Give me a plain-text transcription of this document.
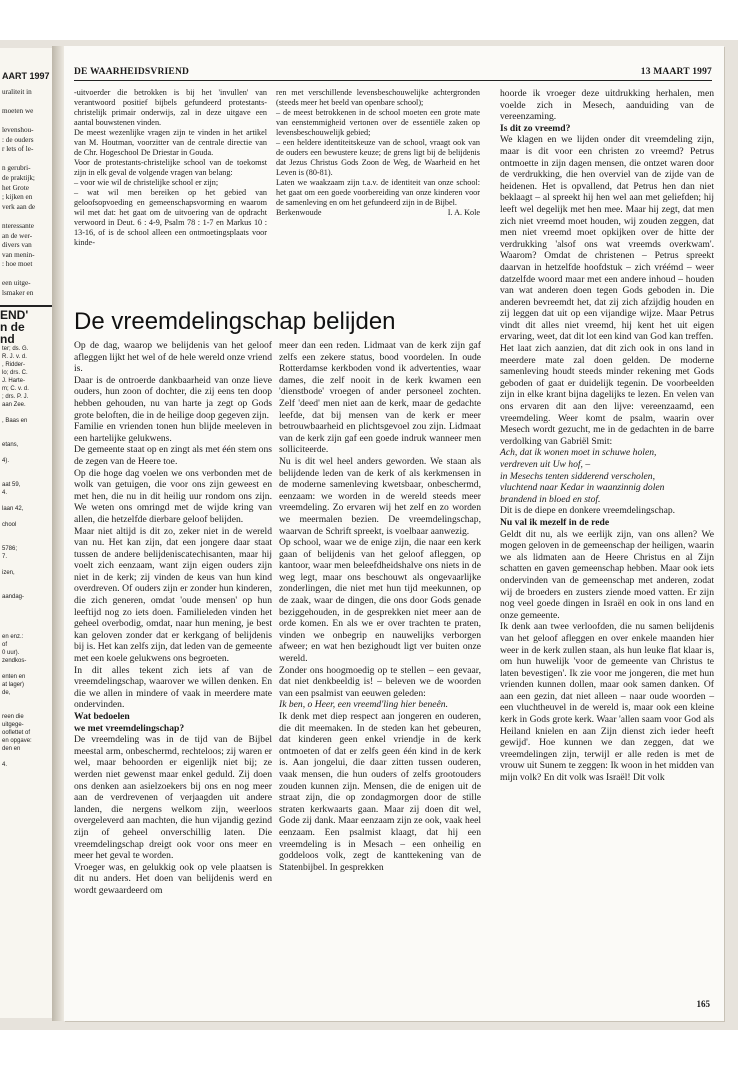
AART 1997
uraliteit in

moeten we

levenshou-
: de ouders
r lets of le-

n gerubri-
de praktijk;
het Grote
; kijken en
verk aan de

nteressante
an de wer-
divers van
van menin-
: hoe moet

een uitge-
lsmaker en
END'
n de
nd
ter; ds. G.
R. J. v. d.
, Ridder-
lo; drs. C.
J. Harte-
m; C. v. d.
; drs. P. J.
aan Zee.

, Baas en

etans,

4).

aat 59,
4.

laan 42,

chool

5786;
7.

izen,

aandag-

en enz.:
of
0 uur).
zendkos-

enten en
at lager)
de,

reen die
uitgege-
ooflettet of
en opgave:
den en

4.
DE WAARHEIDSVRIEND	13 MAART 1997

-uitvoerder die betrokken is bij het 'invullen' van verantwoord positief bijbels gefundeerd protestants-christelijk primair onderwijs, zal in deze uitgave een aantal bouwstenen vinden.

De meest wezenlijke vragen zijn te vinden in het artikel van M. Houtman, voorzitter van de centrale directie van de Chr. Hogeschool De Driestar in Gouda.

Voor de protestants-christelijke school van de toekomst zijn in elk geval de volgende vragen van belang:

– voor wie wil de christelijke school er zijn;

– wat wil men bereiken op het gebied van geloofsopvoeding en gemeenschapsvorming en waarom wil met dat: het gaat om de uitvoering van de opdracht verwoord in Deut. 6 : 4-9, Psalm 78 : 1-7 en Markus 10 : 13-16, of is de school alleen een ontmoetingsplaats voor kinde-

ren met verschillende levensbeschouwelijke achtergronden (steeds meer het beeld van openbare school);

– de meest betrokkenen in de school moeten een grote mate van eenstemmigheid vertonen over de essentiële zaken op levensbeschouwelijk gebied;

– een heldere identiteitskeuze van de school, vraagt ook van de ouders een bewustere keuze; de grens ligt bij de belijdenis dat Jezus Christus Gods Zoon de Weg, de Waarheid en het Leven is (80-81).

Laten we waakzaam zijn t.a.v. de identiteit van onze school: het gaat om een goede voorbereiding van onze kinderen voor de samenleving en om het gefundeerd zijn in de Bijbel.

Berkenwoude	I. A. Kole
De vreemdelingschap belijden

Op de dag, waarop we belijdenis van het geloof afleggen lijkt het wel of de hele wereld onze vriend is.

Daar is de ontroerde dankbaarheid van onze lieve ouders, hun zoon of dochter, die zij eens ten doop hebben gehouden, nu van harte ja zegt op Gods grote beloften, die in de heilige doop gegeven zijn.

Familie en vrienden tonen hun blijde meeleven in een hartelijke gelukwens.

De gemeente staat op en zingt als met één stem ons de zegen van de Heere toe.

Op die hoge dag voelen we ons verbonden met de wolk van getuigen, die voor ons zijn geweest en met hen, die nu in dit heilig uur rondom ons zijn. We weten ons omringd met de wijde kring van allen, die hetzelfde dierbare geloof belijden.

Maar niet altijd is dit zo, zeker niet in de wereld van nu. Het kan zijn, dat een jongere daar staat tussen de andere belijdeniscatechisanten, maar hij voelt zich eenzaam, want zijn eigen ouders zijn niet in de kerk; zij vinden de keus van hun kind overdreven. Of ouders zijn er zonder hun kinderen, die zich generen, omdat 'oude mensen' op hun leeftijd nog zo iets doen. Familieleden vinden het geheel overbodig, omdat, naar hun mening, je best kan geloven zonder dat er kerkgang of belijdenis bij is. Het kan zelfs zijn, dat leden van de gemeente met een koele gelukwens ons begroeten.

In dit alles tekent zich iets af van de vreemdelingschap, waarover we willen denken. En die we allen in mindere of vaak in meerdere mate ondervinden.

Wat bedoelen
we met vreemdelingschap?

De vreemdeling was in de tijd van de Bijbel meestal arm, onbeschermd, rechteloos; zij waren er wel, maar behoorden er eigenlijk niet bij; ze werden niet gewenst maar enkel geduld. Zij doen ons denken aan asielzoekers bij ons en nog meer aan de verdrevenen of verjaagden uit andere landen, die nergens welkom zijn, weerloos overgeleverd aan machten, die hun vijandig gezind zijn of geheel onverschillig laten. Die vreemdelingschap dreigt ook voor ons meer en meer het geval te worden.

Vroeger was, en gelukkig ook op vele plaatsen is dit nu anders. Het doen van belijdenis werd en wordt gewaardeerd om

meer dan een reden. Lidmaat van de kerk zijn gaf zelfs een zekere status, bood voordelen. In oude Rotterdamse kerkboden vond ik advertenties, waar dames, die zelf nooit in de kerk kwamen een 'dienstbode' vroegen of ander personeel zochten. Zelf 'deed' men niet aan de kerk, maar de gedachte leefde, dat bij mensen van de kerk er meer betrouwbaarheid en plichtsgevoel zou zijn. Lidmaat van de kerk zijn gaf een goede indruk wanneer men solliciteerde.

Nu is dit wel heel anders geworden. We staan als belijdende leden van de kerk of als kerkmensen in de moderne samenleving kwetsbaar, onbeschermd, eenzaam: we worden in de wereld steeds meer vreemdeling. Zo ervaren wij het zelf en zo worden we meermalen bezien. De vreemdelingschap, waarvan de Schrift spreekt, is voelbaar aanwezig.

Op school, waar we de enige zijn, die naar een kerk gaan of belijdenis van het geloof afleggen, op kantoor, waar men beleefdheidshalve ons niets in de weg legt, maar ons beschouwt als ongevaarlijke zonderlingen, die niet met hun tijd meekunnen, op de zaak, waar de dingen, die ons door Gods genade beziggehouden, in de gesprekken niet meer aan de orde komen. En als we er over trachten te praten, vinden we onbegrip en nauwelijks verborgen afweer; en wat hen bezighoudt ligt ver buiten onze wereld.

Zonder ons hoogmoedig op te stellen – een gevaar, dat niet denkbeeldig is! – beleven we de woorden van een psalmist van eeuwen geleden:

Ik ben, o Heer, een vreemd'ling hier beneên.

Ik denk met diep respect aan jongeren en ouderen, die dit meemaken. In de steden kan het gebeuren, dat kinderen geen enkel vriendje in de kerk ontmoeten of dat er zelfs geen één kind in de kerk is. Aan jongelui, die daar zitten tussen ouderen, vaak mensen, die hun ouders of zelfs grootouders zouden kunnen zijn. Mensen, die de enigen uit de straat zijn, die op zondagmorgen door de stille straten kerkwaarts gaan. Maar zij doen dit wel, Gode zij dank. Maar eenzaam zijn ze ook, vaak heel eenzaam. Een psalmist klaagt, dat hij een vreemdeling is in Mesach – een onheilig en goddeloos volk, zegt de kanttekening van de Statenbijbel. In gesprekken

hoorde ik vroeger deze uitdrukking herhalen, men voelde zich in Mesech, aanduiding van de vereenzaming.

Is dit zo vreemd?

We klagen en we lijden onder dit vreemdeling zijn, maar is dit voor een christen zo vreemd? Petrus ontmoette in zijn dagen mensen, die ontzet waren door de verdrukking, die hen overviel van de zijde van de heidenen. Het is opvallend, dat Petrus hen dan niet beklaagt – al spreekt hij hen wel aan met geliefden; hij leeft wel degelijk met hen mee. Maar hij zegt, dat men zich niet vreemd moet houden, wij zouden zeggen, dat men niet vreemd moet opkijken over de hitte der verdrukking 'alsof ons wat vreemds overkwam'. Waarom? Omdat de christenen – Petrus spreekt daarvan in hetzelfde hoofdstuk – zich vréémd – weer datzelfde woord maar met een andere inhoud – houden van wat anderen doen tegen Gods geboden in. Die anderen bevreemdt het, dat zij zich afzijdig houden en zij leggen dat uit op een vijandige wijze. Maar Petrus vindt dit alles niet vreemd, hij kent het uit eigen ervaring, weet, dat dit lot een kind van God kan treffen.

Het laat zich aanzien, dat dit zich ook in ons land in meerdere mate zal doen gelden. De moderne samenleving houdt steeds minder rekening met Gods geboden of gaat er duidelijk tegenin. De voorbeelden zijn in elke krant bijna dagelijks te lezen. En velen van ons ervaren dit aan den lijve: vereenzaamd, een vreemdeling. Weer komt de psalm, waarin over Mesech wordt gezucht, me in de gedachten in de barre verdolking van Gabriël Smit:

Ach, dat ik wonen moet in schuwe holen,
verdreven uit Uw hof, –
in Mesechs tenten sidderend verscholen,
vluchtend naar Kedar in waanzinnig dolen
brandend in bloed en stof.

Dit is de diepe en donkere vreemdelingschap.

Nu val ik mezelf in de rede

Geldt dit nu, als we eerlijk zijn, van ons allen? We mogen geloven in de gemeenschap der heiligen, waarin we als lidmaten aan de Heere Christus en al Zijn schatten en gaven gemeenschap hebben. Maar ook iets ondervinden van de gemeenschap met anderen, zodat wij de broeders en zusters ziende moed vatten. Er zijn nog veel goede dingen in Israël en ook in ons land en onze gemeente.

Ik denk aan twee verloofden, die nu samen belijdenis van het geloof afleggen en over enkele maanden hier weer in de kerk zullen staan, als hun leuke flat klaar is, om hun huwelijk 'voor de gemeente van Christus te laten bevestigen'. Ik zie voor me jongeren, die met hun vrienden kunnen dollen, maar ook samen danken. Of aan een gezin, dat niet alleen – naar oude woorden – een vluchtheuvel in de wereld is, maar ook een kleine kerk in Gods grote kerk. Waar 'allen saam voor God als Heiland knielen en aan Zijn dienst zich ieder heeft gewijd'. Hoe kunnen we dan zeggen, dat we vreemdelingen zijn, terwijl er alle reden is met de vrouw uit Sunem te zeggen: Ik woon in het midden van mijn volk? En dit volk was Israël! Dit volk

165
